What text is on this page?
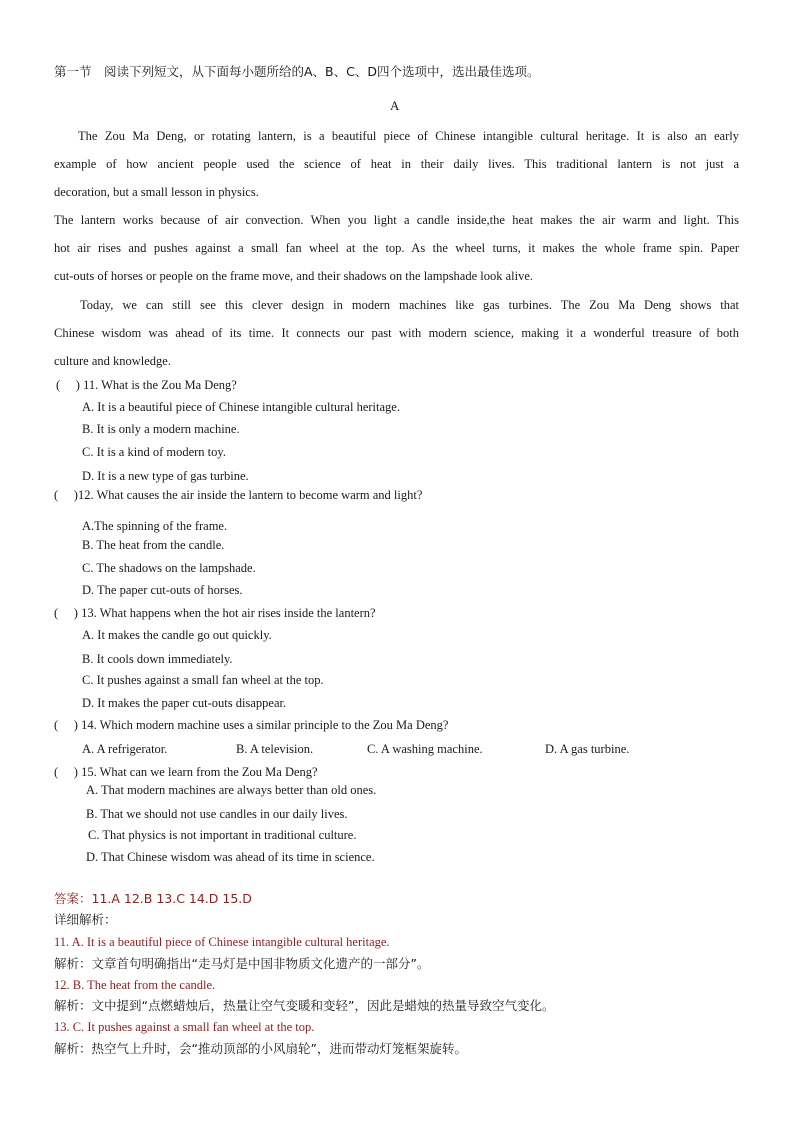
第一节　阅读下列短文，从下面每小题所给的A、B、C、D四个选项中，选出最佳选项。
A
The Zou Ma Deng, or rotating lantern, is a beautiful piece of Chinese intangible cultural heritage. It is also an early
example of how ancient people used the science of heat in their daily lives. This traditional lantern is not just a
decoration, but a small lesson in physics.
The lantern works because of air convection. When you light a candle inside,the heat makes the air warm and light. This
hot air rises and pushes against a small fan wheel at the top. As the wheel turns, it makes the whole frame spin. Paper
cut-outs of horses or people on the frame move, and their shadows on the lampshade look alive.
Today, we can still see this clever design in modern machines like gas turbines. The Zou Ma Deng shows that
Chinese wisdom was ahead of its time. It connects our past with modern science, making it a wonderful treasure of both
culture and knowledge.
(　 ) 11. What is the Zou Ma Deng?
A. It is a beautiful piece of Chinese intangible cultural heritage.
B. It is only a modern machine.
C. It is a kind of modern toy.
D. It is a new type of gas turbine.
(　 )12. What causes the air inside the lantern to become warm and light?
A.The spinning of the frame.
B. The heat from the candle.
C. The shadows on the lampshade.
D. The paper cut-outs of horses.
(　 ) 13. What happens when the hot air rises inside the lantern?
A. It makes the candle go out quickly.
B. It cools down immediately.
C. It pushes against a small fan wheel at the top.
D. It makes the paper cut-outs disappear.
(　 ) 14. Which modern machine uses a similar principle to the Zou Ma Deng?
A. A refrigerator.	B. A television.	C. A washing machine.	D. A gas turbine.
(　 ) 15. What can we learn from the Zou Ma Deng?
A. That modern machines are always better than old ones.
B. That we should not use candles in our daily lives.
C. That physics is not important in traditional culture.
D. That Chinese wisdom was ahead of its time in science.
答案：11.A 12.B 13.C 14.D 15.D
详细解析：
11. A. It is a beautiful piece of Chinese intangible cultural heritage.
解析：文章首句明确指出“走马灯是中国非物质文化遗产的一部分”。
12. B. The heat from the candle.
解析：文中提到“点燃蜡烛后，热量让空气变暖和变轻”，因此是蜡烛的热量导致空气变化。
13. C. It pushes against a small fan wheel at the top.
解析：热空气上升时，会“推动顶部的小风扇轮”，进而带动灯笼框架旋转。
